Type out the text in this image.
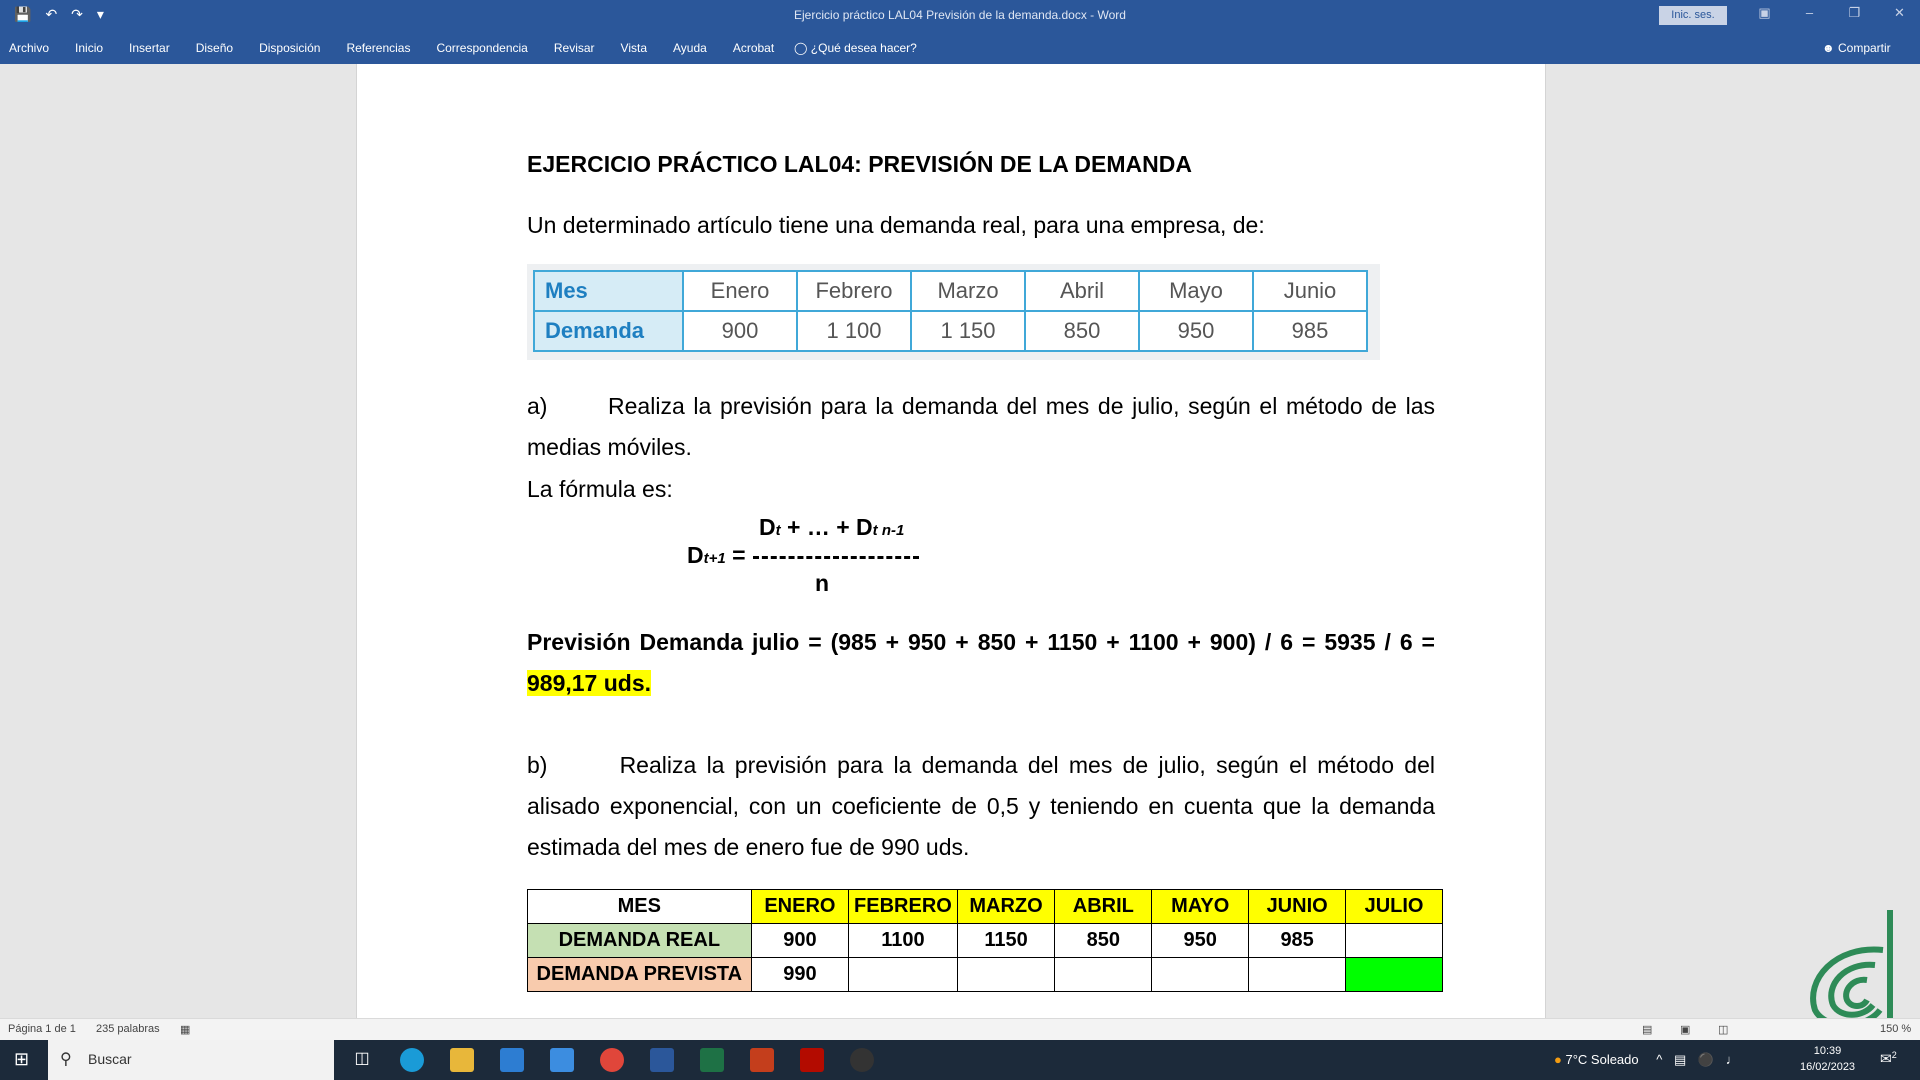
💾 ↶ ↷ ▾	Ejercicio práctico LAL04 Previsión de la demanda.docx - Word	Inic. ses.	▣	–	❐	✕
Archivo Inicio Insertar Diseño Disposición Referencias Correspondencia Revisar Vista Ayuda Acrobat ◯ ¿Qué desea hacer?	☻ Compartir
EJERCICIO PRÁCTICO LAL04: PREVISIÓN DE LA DEMANDA
Un determinado artículo tiene una demanda real, para una empresa, de:
Mes	Enero	Febrero	Marzo	Abril	Mayo	Junio
Demanda	900	1 100	1 150	850	950	985
a)       Realiza la previsión para la demanda del mes de julio, según el método de las medias móviles.
La fórmula es:
Dt + … + Dt n-1
Dt+1 =
n
Previsión Demanda julio = (985 + 950 + 850 + 1150 + 1100 + 900) / 6 = 5935 / 6 = 989,17 uds.
b)       Realiza la previsión para la demanda del mes de julio, según el método del alisado exponencial, con un coeficiente de 0,5 y teniendo en cuenta que la demanda estimada del mes de enero fue de 990 uds.
MES	ENERO	FEBRERO	MARZO	ABRIL	MAYO	JUNIO	JULIO
DEMANDA REAL	900	1100	1150	850	950	985	
DEMANDA PREVISTA	990						
Página 1 de 1 235 palabras ▦	▤	▣	◫	150 %
⊞ ⚲ Buscar	◫	● 7°C Soleado ^ ▤ ⚫ ♩
10:39
16/02/2023
✉$^2$
